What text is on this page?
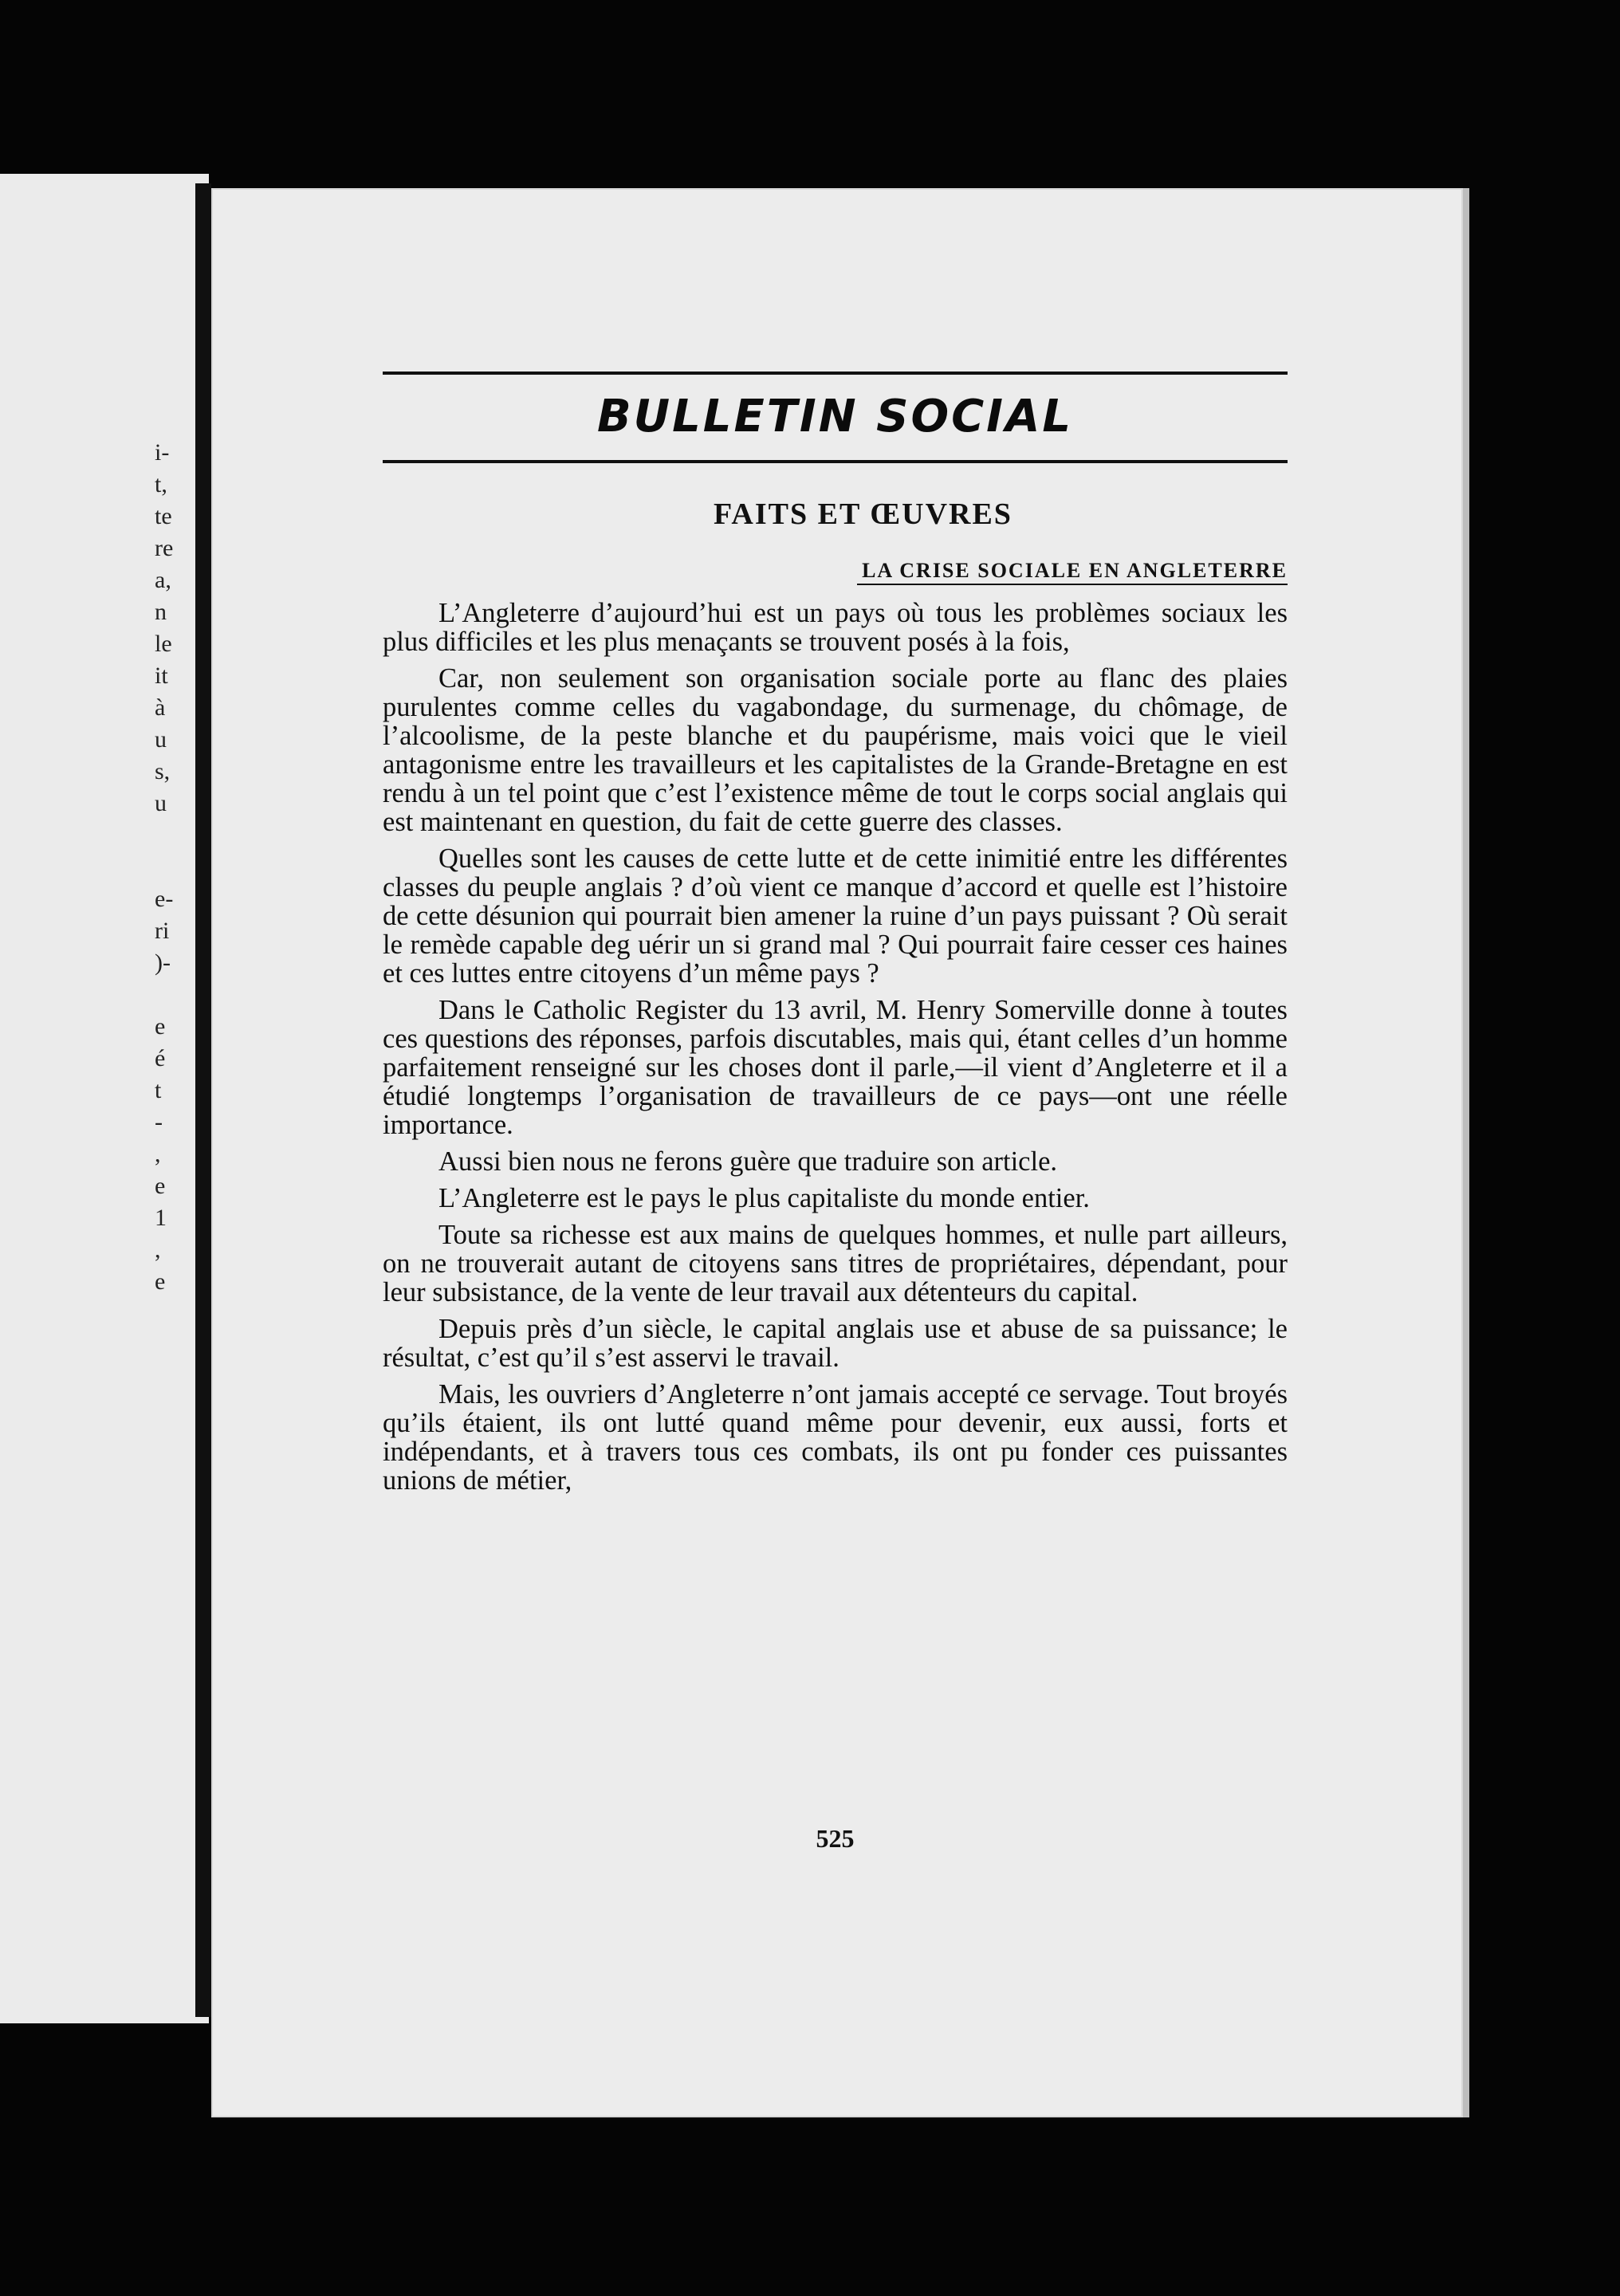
i-
t,
te
re
a,
n
le
it
à
u
s,
u
e-
ri
)-
e
é
t
-
,
e
1
,
e
BULLETIN SOCIAL
FAITS ET ŒUVRES
LA CRISE SOCIALE EN ANGLETERRE

L’Angleterre d’aujourd’hui est un pays où tous les problèmes sociaux les plus difficiles et les plus menaçants se trouvent posés à la fois,

Car, non seulement son organisation sociale porte au flanc des plaies purulentes comme celles du vagabondage, du surmenage, du chômage, de l’alcoolisme, de la peste blanche et du paupérisme, mais voici que le vieil antagonisme entre les travailleurs et les capitalistes de la Grande-Bretagne en est rendu à un tel point que c’est l’existence même de tout le corps social anglais qui est maintenant en question, du fait de cette guerre des classes.

Quelles sont les causes de cette lutte et de cette inimitié entre les différentes classes du peuple anglais ? d’où vient ce manque d’accord et quelle est l’histoire de cette désunion qui pourrait bien amener la ruine d’un pays puissant ? Où serait le remède capable deg uérir un si grand mal ? Qui pourrait faire cesser ces haines et ces luttes entre citoyens d’un même pays ?

Dans le Catholic Register du 13 avril, M. Henry Somerville donne à toutes ces questions des réponses, parfois discutables, mais qui, étant celles d’un homme parfaitement renseigné sur les choses dont il parle,—il vient d’Angleterre et il a étudié longtemps l’organisation de travailleurs de ce pays—ont une réelle importance.

Aussi bien nous ne ferons guère que traduire son article.

L’Angleterre est le pays le plus capitaliste du monde entier.

Toute sa richesse est aux mains de quelques hommes, et nulle part ailleurs, on ne trouverait autant de citoyens sans titres de propriétaires, dépendant, pour leur subsistance, de la vente de leur travail aux détenteurs du capital.

Depuis près d’un siècle, le capital anglais use et abuse de sa puissance; le résultat, c’est qu’il s’est asservi le travail.

Mais, les ouvriers d’Angleterre n’ont jamais accepté ce servage. Tout broyés qu’ils étaient, ils ont lutté quand même pour devenir, eux aussi, forts et indépendants, et à travers tous ces combats, ils ont pu fonder ces puissantes unions de métier,

525
